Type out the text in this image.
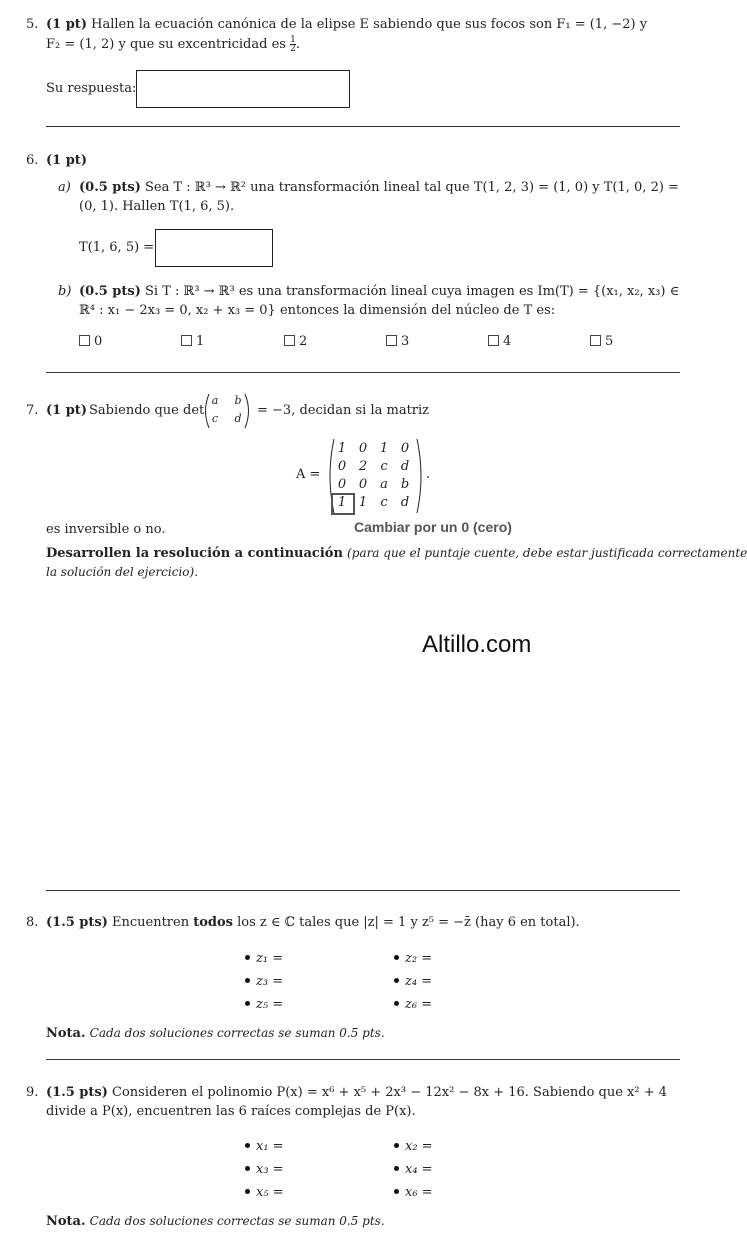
5. (1 pt) Hallen la ecuación canónica de la elipse E sabiendo que sus focos son F₁ = (1, −2) y
F₂ = (1, 2) y que su excentricidad es $\frac{1}{2}$ .
Su respuesta:
6. (1 pt)
a) (0.5 pts) Sea T : ℝ³ → ℝ² una transformación lineal tal que T(1, 2, 3) = (1, 0) y T(1, 0, 2) =
(0, 1). Hallen T(1, 6, 5).
T(1, 6, 5) =
b) (0.5 pts) Si T : ℝ³ → ℝ³ es una transformación lineal cuya imagen es Im(T) = {(x₁, x₂, x₃) ∈
ℝ⁴ : x₁ − 2x₃ = 0, x₂ + x₃ = 0} entonces la dimensión del núcleo de T es:
0	1	2	3	4	5
7. (1 pt) Sabiendo que det
a	b
c	d
= −3, decidan si la matriz
A =
1 0 1 0
0 2 c d
0 0 a b
1 1 c d
.
Cambiar por un 0 (cero)
es inversible o no.
Desarrollen la resolución a continuación (para que el puntaje cuente, debe estar justificada correctamente
la solución del ejercicio).
Altillo.com
8. (1.5 pts) Encuentren todos los z ∈ ℂ tales que |z| = 1 y z⁵ = −z̄ (hay 6 en total).
z₁ =	z₂ =
z₃ =	z₄ =
z₅ =	z₆ =
Nota. Cada dos soluciones correctas se suman 0.5 pts.
9. (1.5 pts) Consideren el polinomio P(x) = x⁶ + x⁵ + 2x³ − 12x² − 8x + 16. Sabiendo que x² + 4
divide a P(x), encuentren las 6 raíces complejas de P(x).
x₁ =	x₂ =
x₃ =	x₄ =
x₅ =	x₆ =
Nota. Cada dos soluciones correctas se suman 0.5 pts.
